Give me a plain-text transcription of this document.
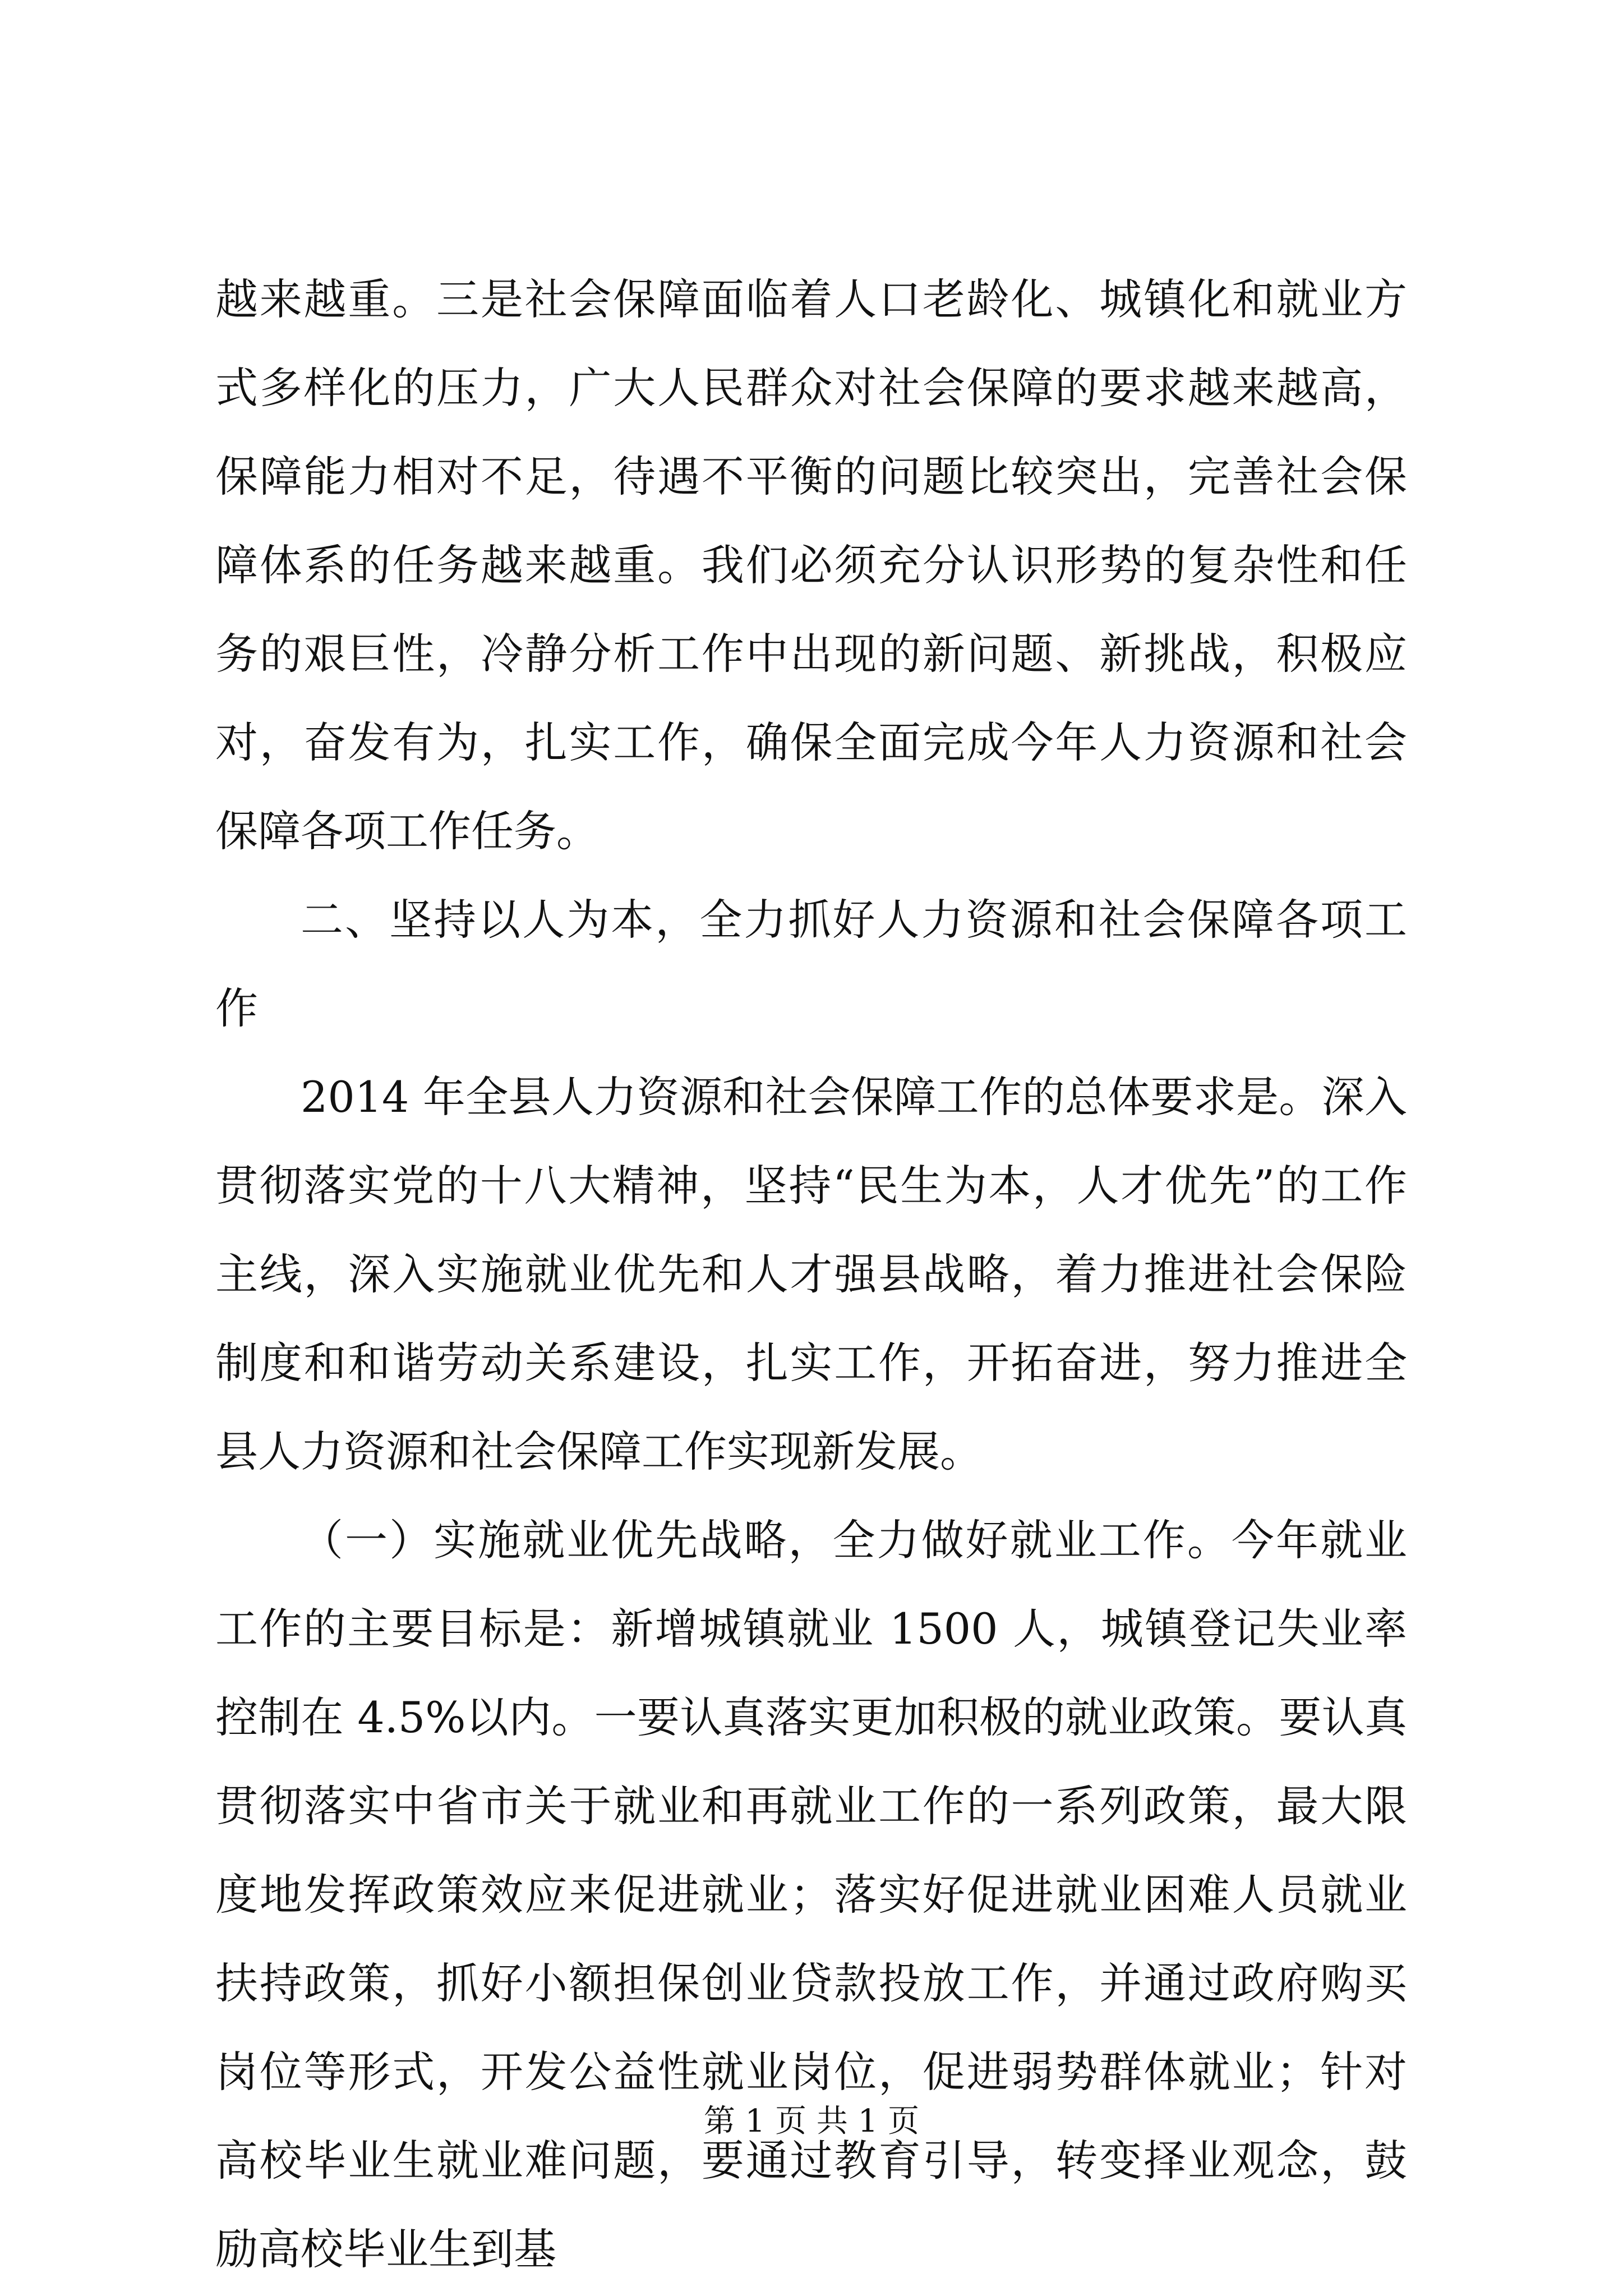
越来越重。三是社会保障面临着人口老龄化、城镇化和就业方式多样化的压力，广大人民群众对社会保障的要求越来越高，保障能力相对不足，待遇不平衡的问题比较突出，完善社会保障体系的任务越来越重。我们必须充分认识形势的复杂性和任务的艰巨性，冷静分析工作中出现的新问题、新挑战，积极应对，奋发有为，扎实工作，确保全面完成今年人力资源和社会保障各项工作任务。

二、坚持以人为本，全力抓好人力资源和社会保障各项工作

2014 年全县人力资源和社会保障工作的总体要求是。深入贯彻落实党的十八大精神，坚持“民生为本，人才优先”的工作主线，深入实施就业优先和人才强县战略，着力推进社会保险制度和和谐劳动关系建设，扎实工作，开拓奋进，努力推进全县人力资源和社会保障工作实现新发展。

（一）实施就业优先战略，全力做好就业工作。今年就业工作的主要目标是：新增城镇就业 1500 人，城镇登记失业率控制在 4.5%以内。一要认真落实更加积极的就业政策。要认真贯彻落实中省市关于就业和再就业工作的一系列政策，最大限度地发挥政策效应来促进就业；落实好促进就业困难人员就业扶持政策，抓好小额担保创业贷款投放工作，并通过政府购买岗位等形式，开发公益性就业岗位，促进弱势群体就业；针对高校毕业生就业难问题，要通过教育引导，转变择业观念，鼓励高校毕业生到基

第 1 页 共 1 页
